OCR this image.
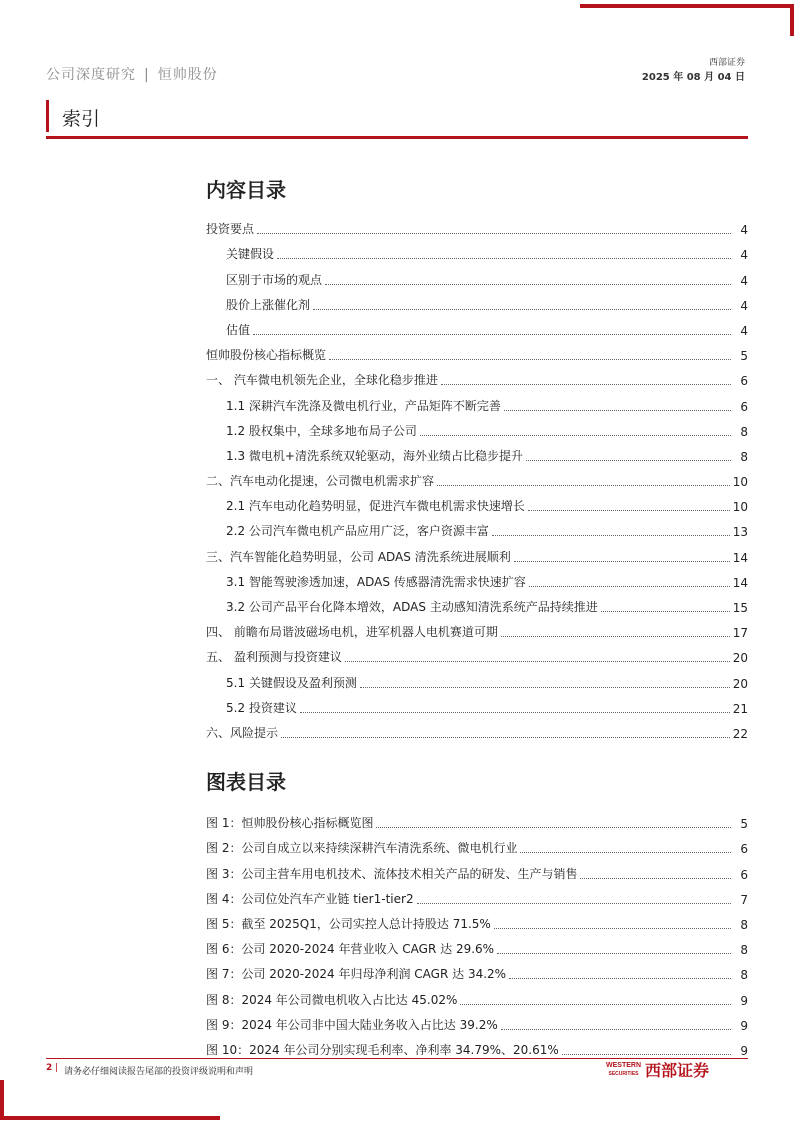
公司深度研究 | 恒帅股份
西部证券
2025 年 08 月 04 日
索引
内容目录
投资要点	4
关键假设	4
区别于市场的观点	4
股价上涨催化剂	4
估值	4
恒帅股份核心指标概览	5
一、 汽车微电机领先企业，全球化稳步推进	6
1.1 深耕汽车洗涤及微电机行业，产品矩阵不断完善	6
1.2 股权集中，全球多地布局子公司	8
1.3 微电机+清洗系统双轮驱动，海外业绩占比稳步提升	8
二、汽车电动化提速，公司微电机需求扩容	10
2.1 汽车电动化趋势明显，促进汽车微电机需求快速增长	10
2.2 公司汽车微电机产品应用广泛，客户资源丰富	13
三、汽车智能化趋势明显，公司 ADAS 清洗系统进展顺利	14
3.1 智能驾驶渗透加速，ADAS 传感器清洗需求快速扩容	14
3.2 公司产品平台化降本增效，ADAS 主动感知清洗系统产品持续推进	15
四、 前瞻布局谐波磁场电机，进军机器人电机赛道可期	17
五、 盈利预测与投资建议	20
5.1 关键假设及盈利预测	20
5.2 投资建议	21
六、风险提示	22
图表目录
图 1：恒帅股份核心指标概览图	5
图 2：公司自成立以来持续深耕汽车清洗系统、微电机行业	6
图 3：公司主营车用电机技术、流体技术相关产品的研发、生产与销售	6
图 4：公司位处汽车产业链 tier1-tier2	7
图 5：截至 2025Q1，公司实控人总计持股达 71.5%	8
图 6：公司 2020-2024 年营业收入 CAGR 达 29.6%	8
图 7：公司 2020-2024 年归母净利润 CAGR 达 34.2%	8
图 8：2024 年公司微电机收入占比达 45.02%	9
图 9：2024 年公司非中国大陆业务收入占比达 39.2%	9
图 10：2024 年公司分别实现毛利率、净利率 34.79%、20.61%	9
2 | 请务必仔细阅读报告尾部的投资评级说明和声明
WESTERN
SECURITIES 西部证券
